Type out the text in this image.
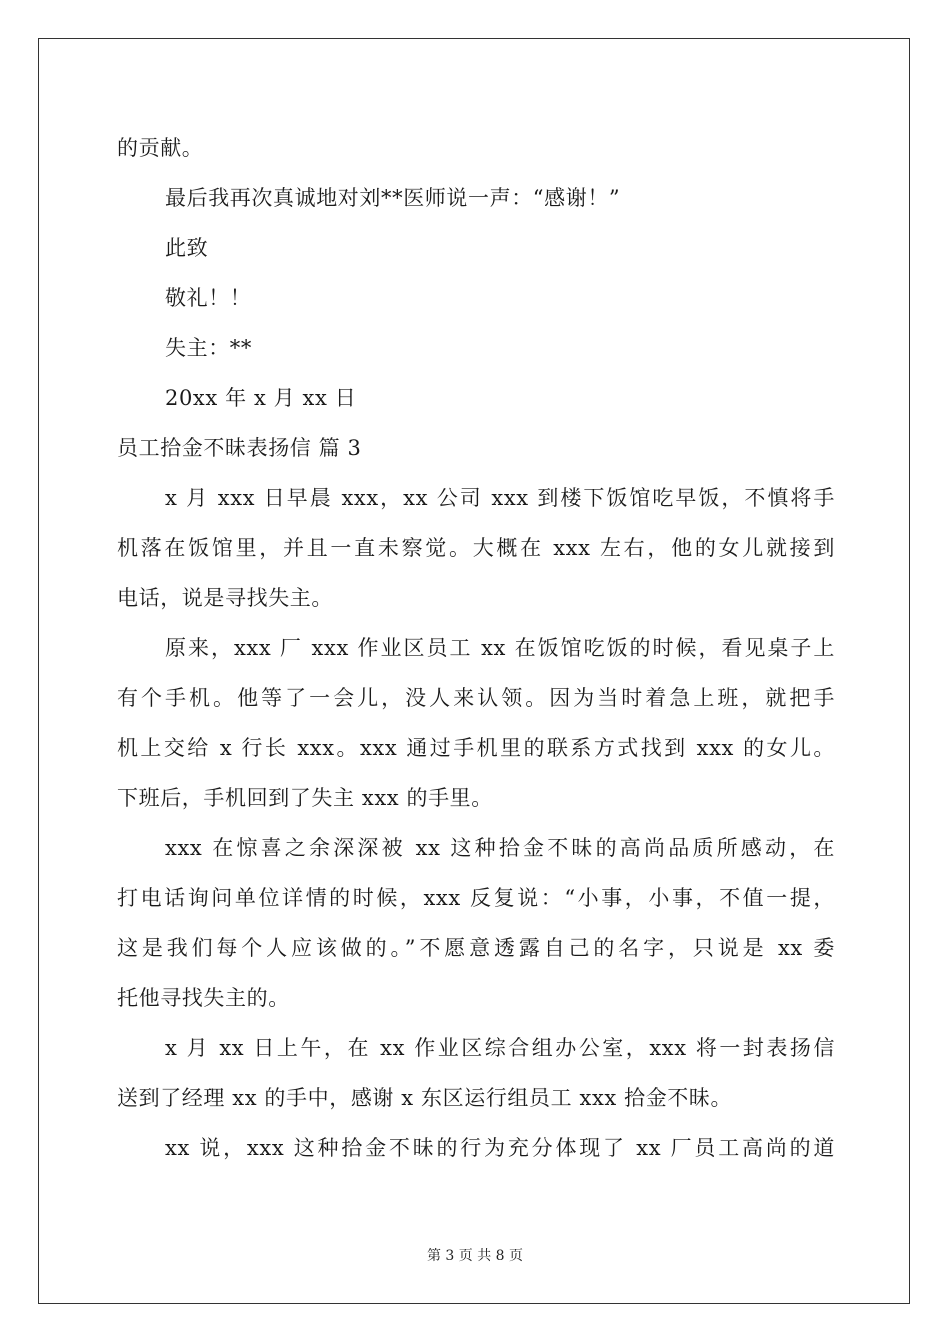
的贡献。
最后我再次真诚地对刘**医师说一声：“感谢！”
此致
敬礼！！
失主：**
20xx 年 x 月 xx 日
员工拾金不昧表扬信 篇 3
x 月 xxx 日早晨 xxx，xx 公司 xxx 到楼下饭馆吃早饭，不慎将手
机落在饭馆里，并且一直未察觉。大概在 xxx 左右，他的女儿就接到
电话，说是寻找失主。
原来，xxx 厂 xxx 作业区员工 xx 在饭馆吃饭的时候，看见桌子上
有个手机。他等了一会儿，没人来认领。因为当时着急上班，就把手
机上交给 x 行长 xxx。xxx 通过手机里的联系方式找到 xxx 的女儿。
下班后，手机回到了失主 xxx 的手里。
xxx 在惊喜之余深深被 xx 这种拾金不昧的高尚品质所感动，在
打电话询问单位详情的时候，xxx 反复说：“小事，小事，不值一提，
这是我们每个人应该做的。”不愿意透露自己的名字，只说是 xx 委
托他寻找失主的。
x 月 xx 日上午，在 xx 作业区综合组办公室，xxx 将一封表扬信
送到了经理 xx 的手中，感谢 x 东区运行组员工 xxx 拾金不昧。
xx 说，xxx 这种拾金不昧的行为充分体现了 xx 厂员工高尚的道
第 3 页 共 8 页
